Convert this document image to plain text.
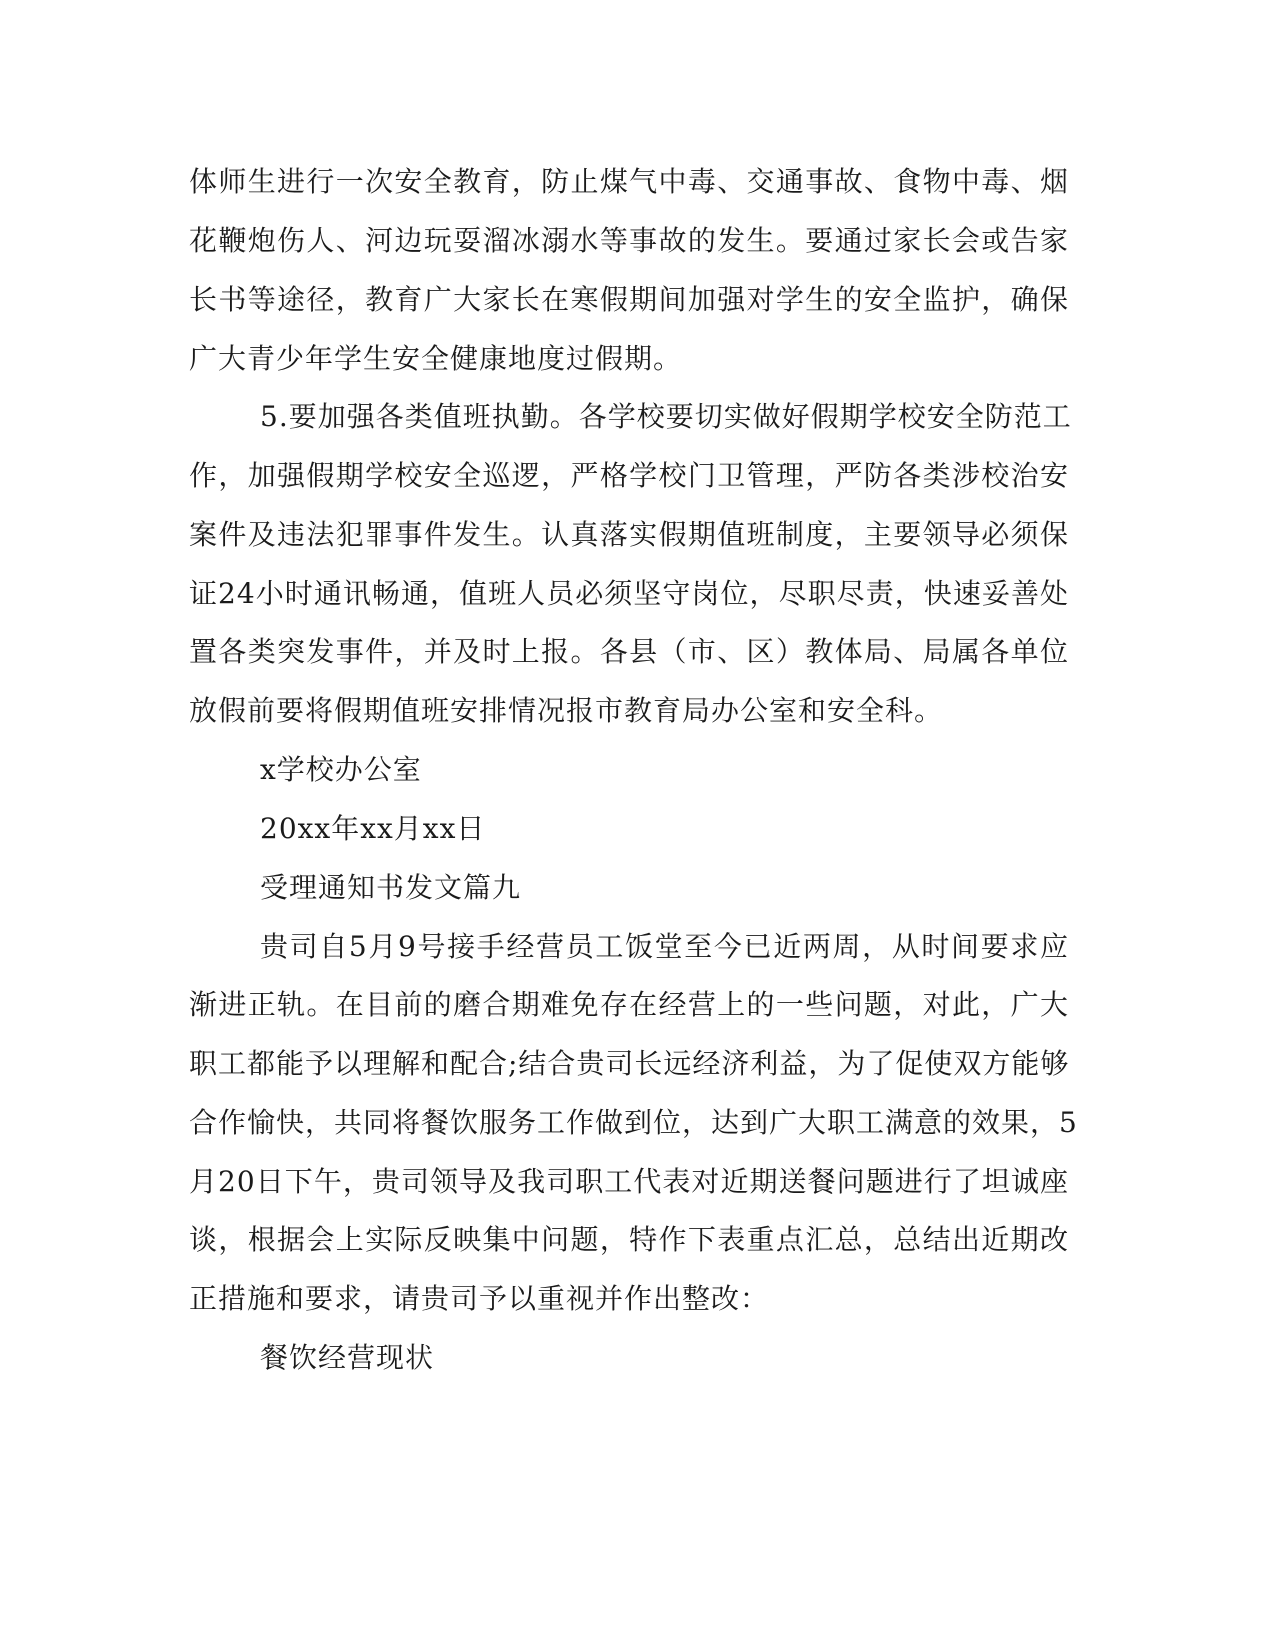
体师生进行一次安全教育，防止煤气中毒、交通事故、食物中毒、烟
花鞭炮伤人、河边玩耍溜冰溺水等事故的发生。要通过家长会或告家
长书等途径，教育广大家长在寒假期间加强对学生的安全监护，确保
广大青少年学生安全健康地度过假期。
5.要加强各类值班执勤。各学校要切实做好假期学校安全防范工
作，加强假期学校安全巡逻，严格学校门卫管理，严防各类涉校治安
案件及违法犯罪事件发生。认真落实假期值班制度，主要领导必须保
证24小时通讯畅通，值班人员必须坚守岗位，尽职尽责，快速妥善处
置各类突发事件，并及时上报。各县（市、区）教体局、局属各单位
放假前要将假期值班安排情况报市教育局办公室和安全科。
x学校办公室
20xx年xx月xx日
受理通知书发文篇九
贵司自5月9号接手经营员工饭堂至今已近两周，从时间要求应
渐进正轨。在目前的磨合期难免存在经营上的一些问题，对此，广大
职工都能予以理解和配合;结合贵司长远经济利益，为了促使双方能够
合作愉快，共同将餐饮服务工作做到位，达到广大职工满意的效果，5
月20日下午，贵司领导及我司职工代表对近期送餐问题进行了坦诚座
谈，根据会上实际反映集中问题，特作下表重点汇总，总结出近期改
正措施和要求，请贵司予以重视并作出整改：
餐饮经营现状
